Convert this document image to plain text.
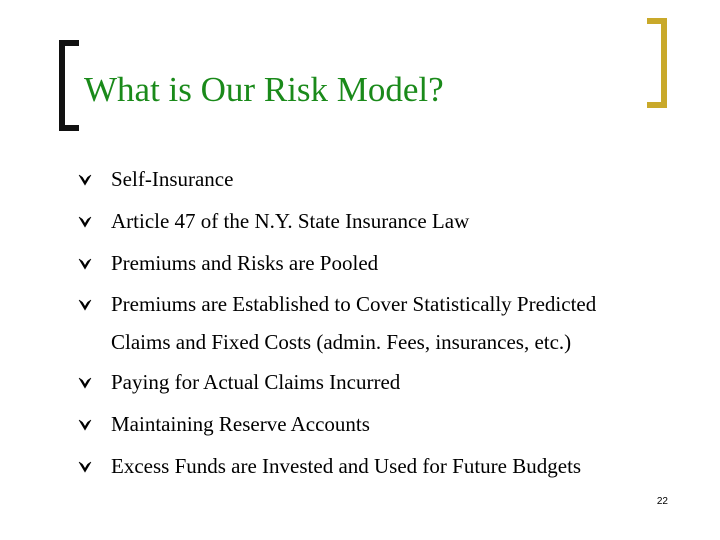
What is Our Risk Model?
Self-Insurance
Article 47 of the N.Y. State Insurance Law
Premiums and Risks are Pooled
Premiums are Established to Cover Statistically Predicted
Claims and Fixed Costs (admin. Fees, insurances, etc.)
Paying for Actual Claims Incurred
Maintaining Reserve Accounts
Excess Funds are Invested and Used for Future Budgets
22
